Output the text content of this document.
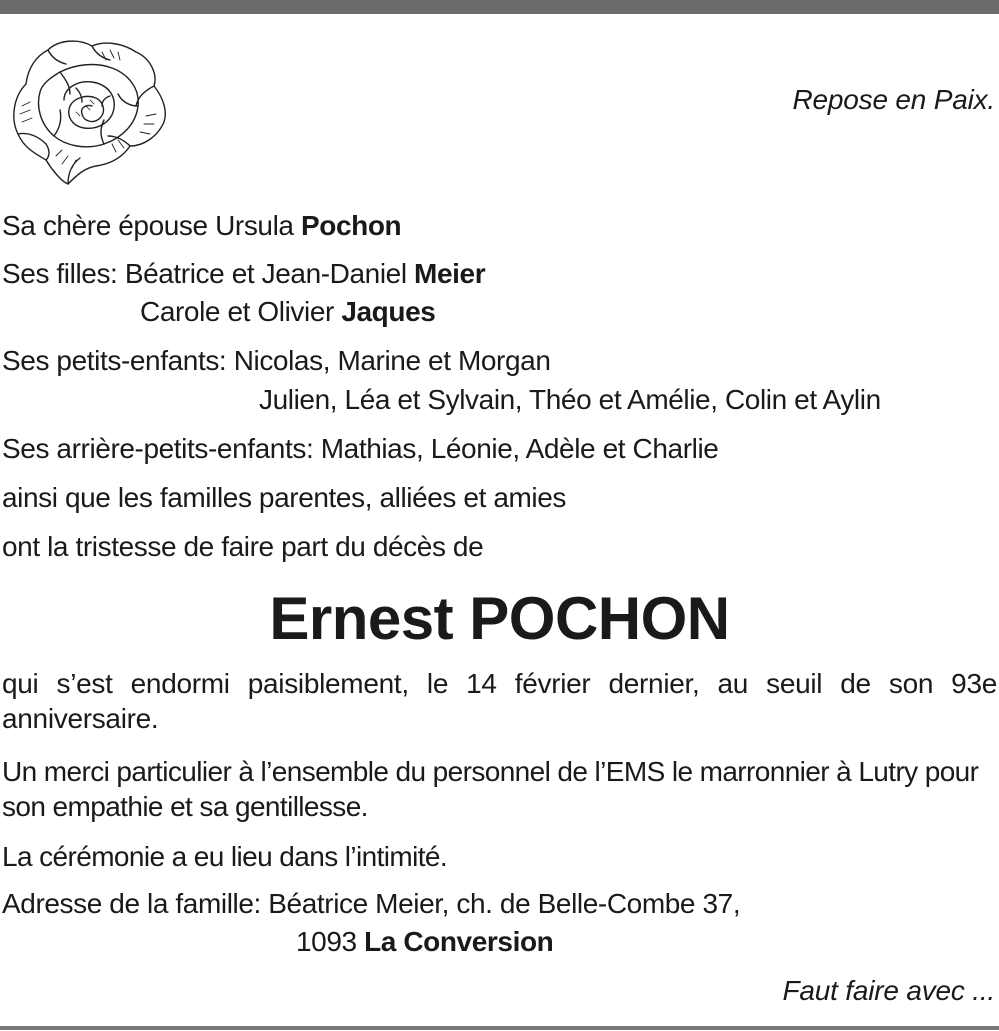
Repose en Paix.
Sa chère épouse Ursula Pochon
Ses filles: Béatrice et Jean-Daniel Meier
Carole et Olivier Jaques
Ses petits-enfants: Nicolas, Marine et Morgan
Julien, Léa et Sylvain, Théo et Amélie, Colin et Aylin
Ses arrière-petits-enfants: Mathias, Léonie, Adèle et Charlie
ainsi que les familles parentes, alliées et amies
ont la tristesse de faire part du décès de
Ernest POCHON
qui s’est endormi paisiblement, le 14 février dernier, au seuil de son 93e anniversaire.
Un merci particulier à l’ensemble du personnel de l’EMS le marronnier à Lutry pour son empathie et sa gentillesse.
La cérémonie a eu lieu dans l’intimité.
Adresse de la famille: Béatrice Meier, ch. de Belle-Combe 37,
1093 La Conversion
Faut faire avec ...
